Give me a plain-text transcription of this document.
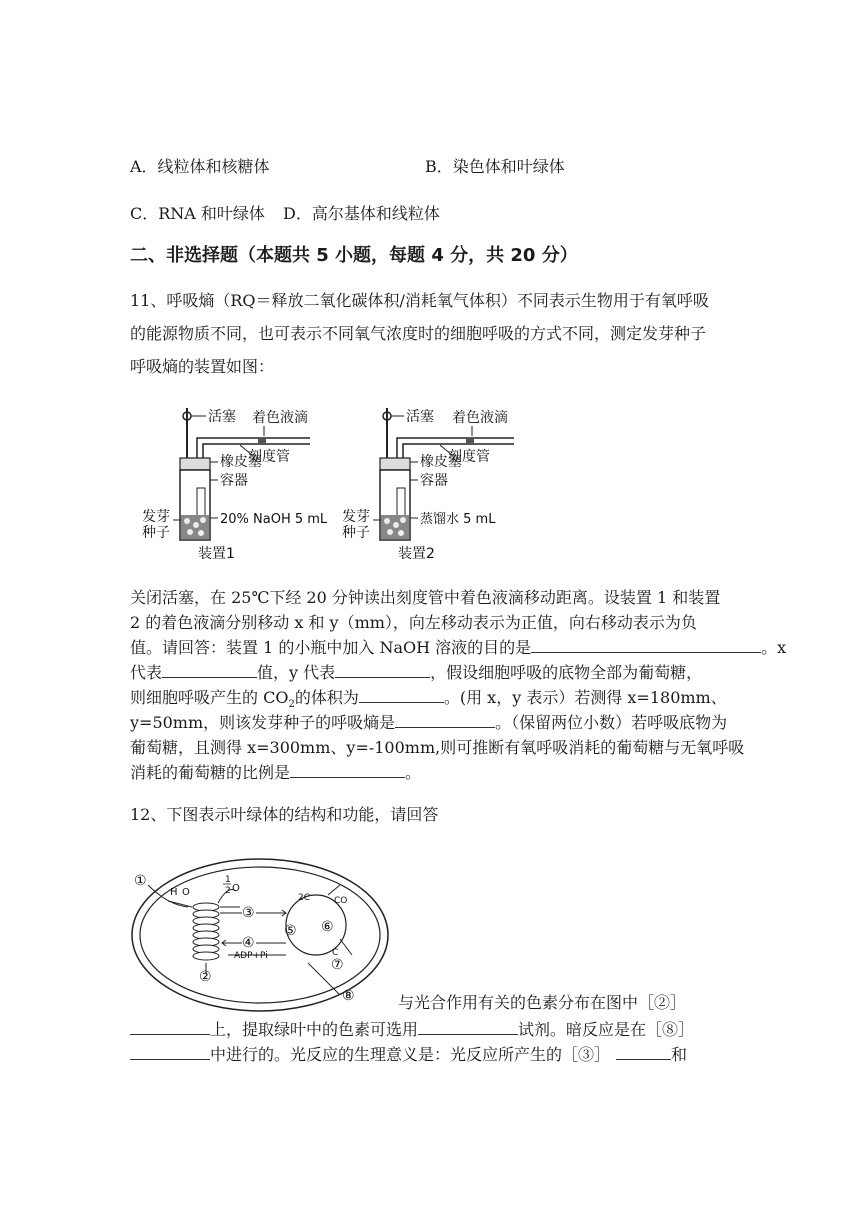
A．线粒体和核糖体	B．染色体和叶绿体
C．RNA 和叶绿体 D．高尔基体和线粒体
二、非选择题（本题共 5 小题，每题 4 分，共 20 分）
11、呼吸熵（RQ＝释放二氧化碳体积/消耗氧气体积）不同表示生物用于有氧呼吸
的能源物质不同，也可表示不同氧气浓度时的细胞呼吸的方式不同，测定发芽种子
呼吸熵的装置如图：
活塞 着色液滴
刻度管
橡皮塞
容器
20% NaOH 5 mL
发芽
种子
装置1
活塞 着色液滴
刻度管
橡皮塞
容器
蒸馏水 5 mL
发芽
种子
装置2
关闭活塞，在 25℃下经 20 分钟读出刻度管中着色液滴移动距离。设装置 1 和装置
2 的着色液滴分别移动 x 和 y（mm），向左移动表示为正值，向右移动表示为负
值。请回答：装置 1 的小瓶中加入 NaOH 溶液的目的是	。x
代表	值，y 代表	，假设细胞呼吸的底物全部为葡萄糖，
则细胞呼吸产生的 $CO_2$的体积为	。(用 x，y 表示）若测得 x=180mm、
y=50mm，则该发芽种子的呼吸熵是	。（保留两位小数）若呼吸底物为
葡萄糖，且测得 x=300mm、y=-100mm,则可推断有氧呼吸消耗的葡萄糖与无氧呼吸
消耗的葡萄糖的比例是	。
12、下图表示叶绿体的结构和功能，请回答
①
②
③
④
⑤ ⑥
⑦
⑧
H O
1
2 O
2C	CO
C
ADP+Pi
与光合作用有关的色素分布在图中［②］
上，提取绿叶中的色素可选用	试剂。暗反应是在［⑧］
中进行的。光反应的生理意义是：光反应所产生的［③］	和
